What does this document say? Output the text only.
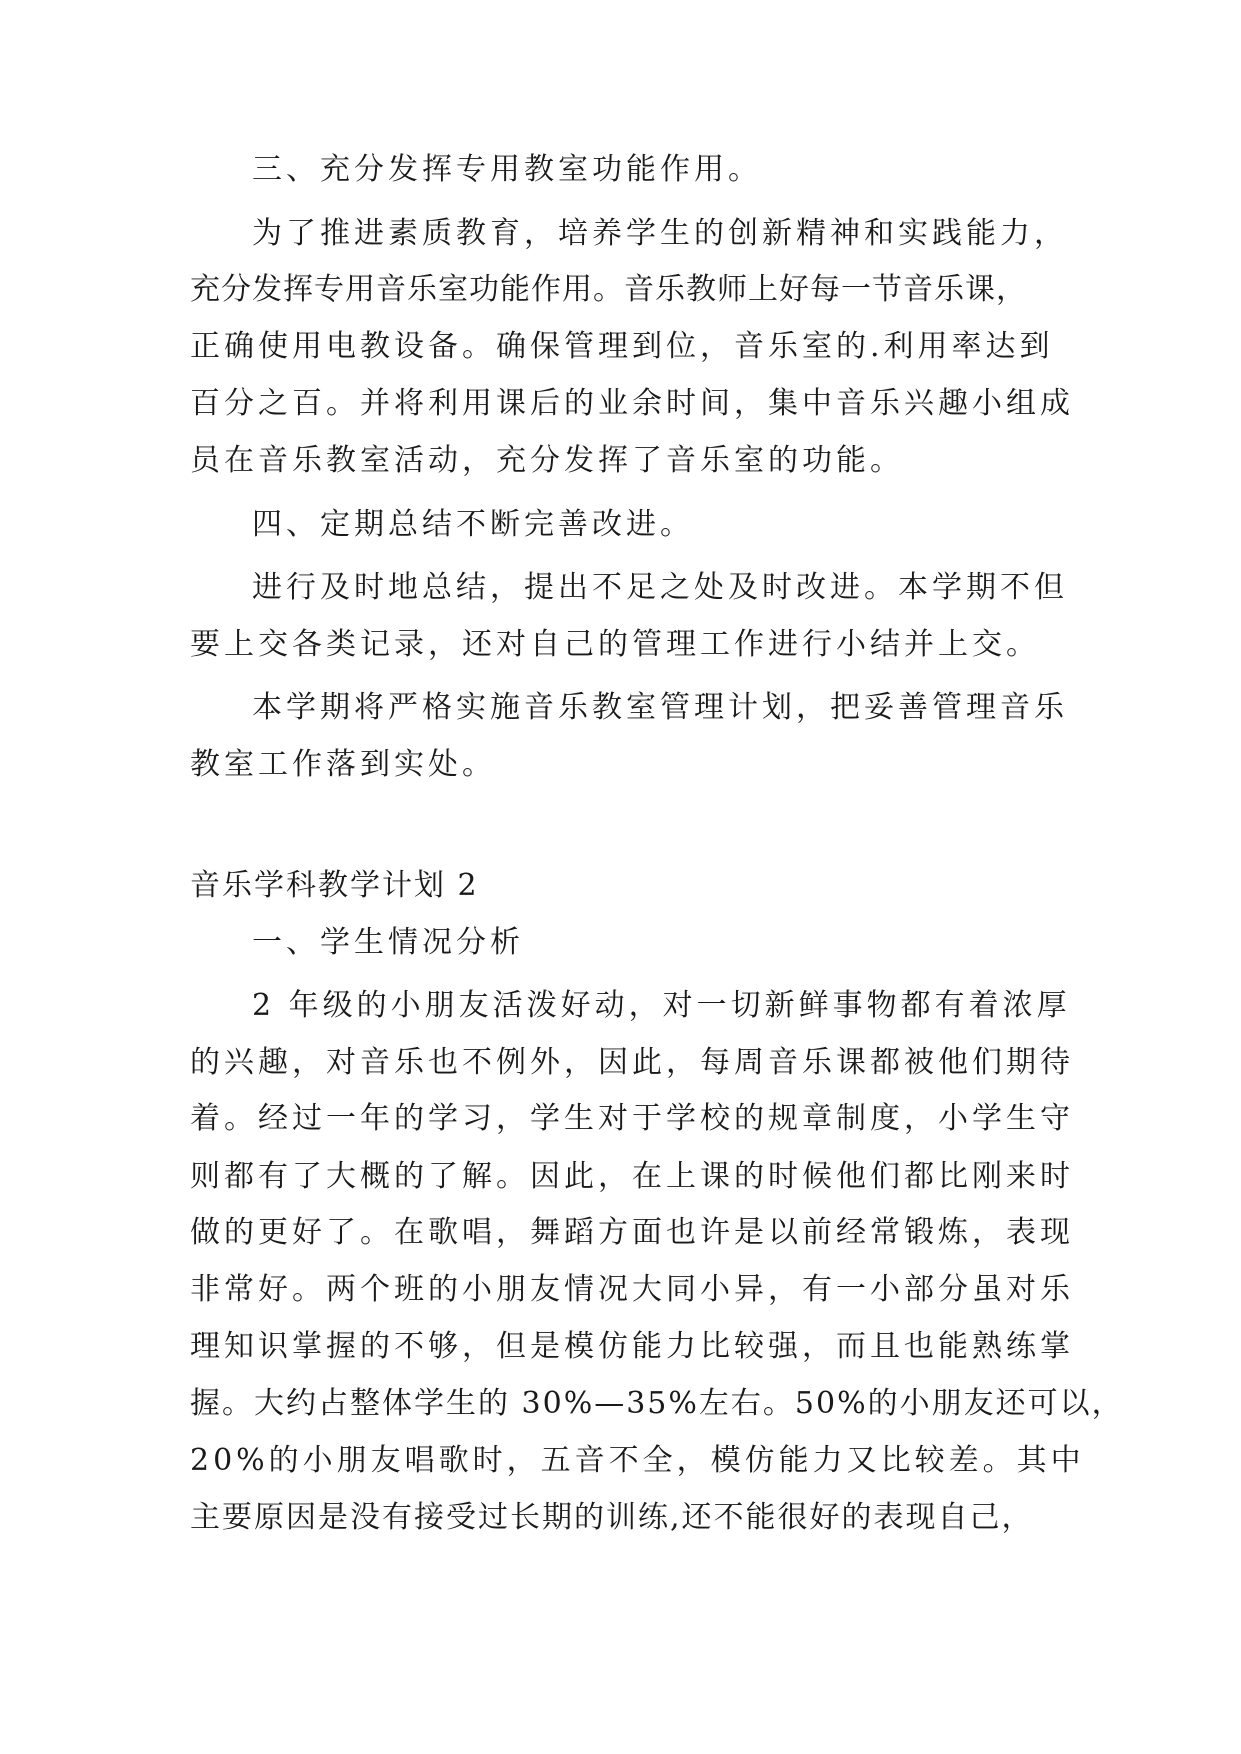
三、充分发挥专用教室功能作用。
为了推进素质教育，培养学生的创新精神和实践能力，
充分发挥专用音乐室功能作用。音乐教师上好每一节音乐课，
正确使用电教设备。确保管理到位，音乐室的.利用率达到
百分之百。并将利用课后的业余时间，集中音乐兴趣小组成
员在音乐教室活动，充分发挥了音乐室的功能。
四、定期总结不断完善改进。
进行及时地总结，提出不足之处及时改进。本学期不但
要上交各类记录，还对自己的管理工作进行小结并上交。
本学期将严格实施音乐教室管理计划，把妥善管理音乐
教室工作落到实处。
音乐学科教学计划 2
一、学生情况分析
2 年级的小朋友活泼好动，对一切新鲜事物都有着浓厚
的兴趣，对音乐也不例外，因此，每周音乐课都被他们期待
着。经过一年的学习，学生对于学校的规章制度，小学生守
则都有了大概的了解。因此，在上课的时候他们都比刚来时
做的更好了。在歌唱，舞蹈方面也许是以前经常锻炼，表现
非常好。两个班的小朋友情况大同小异，有一小部分虽对乐
理知识掌握的不够，但是模仿能力比较强，而且也能熟练掌
握。大约占整体学生的 30%—35%左右。50%的小朋友还可以，
20%的小朋友唱歌时，五音不全，模仿能力又比较差。其中
主要原因是没有接受过长期的训练,还不能很好的表现自己，
